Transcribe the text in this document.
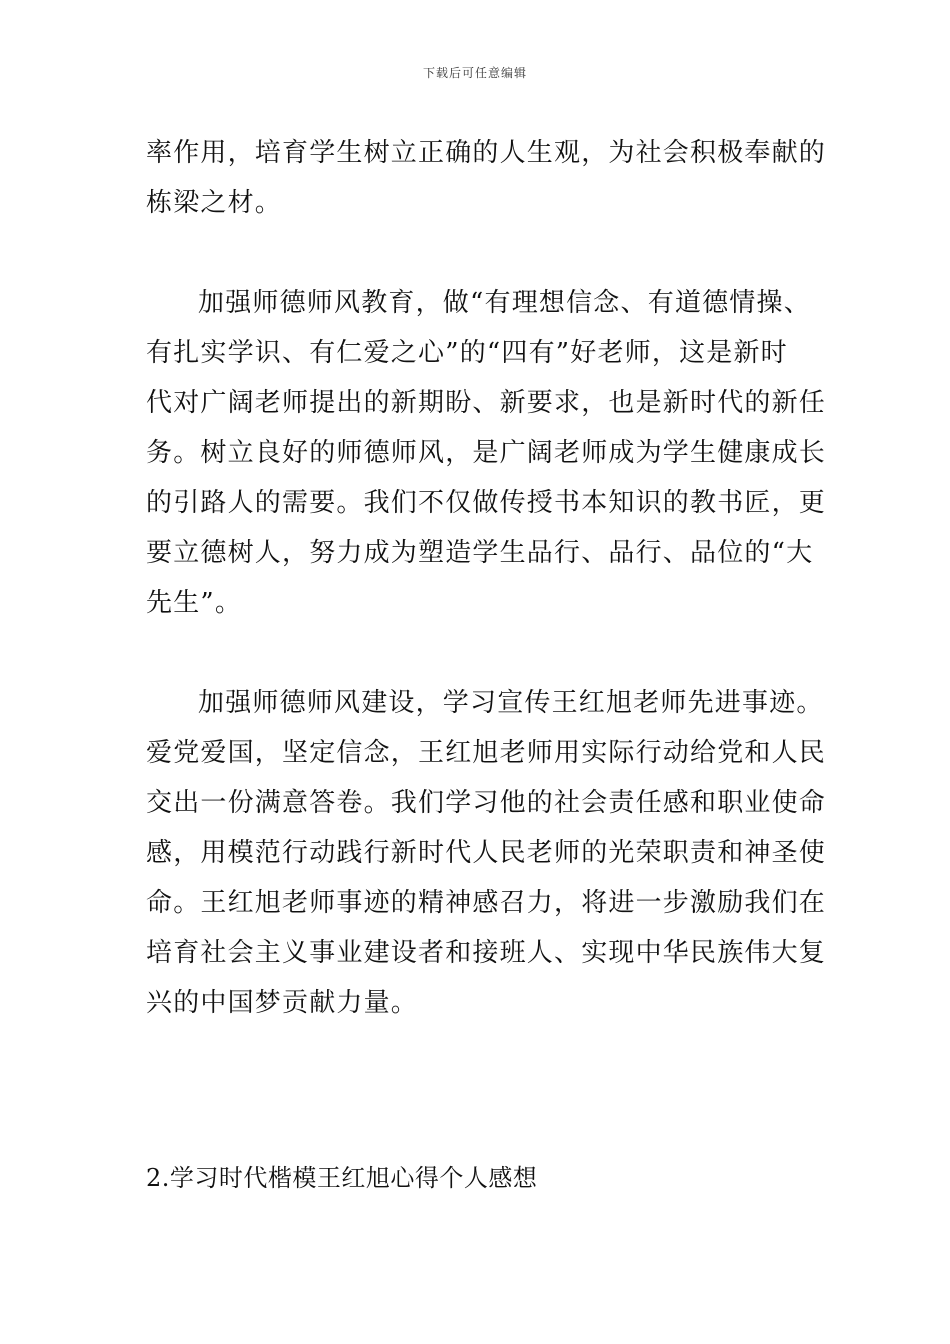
下载后可任意编辑
率作用，培育学生树立正确的人生观，为社会积极奉献的
栋梁之材。
加强师德师风教育，做“有理想信念、有道德情操、
有扎实学识、有仁爱之心”的“四有”好老师，这是新时
代对广阔老师提出的新期盼、新要求，也是新时代的新任
务。树立良好的师德师风，是广阔老师成为学生健康成长
的引路人的需要。我们不仅做传授书本知识的教书匠，更
要立德树人，努力成为塑造学生品行、品行、品位的“大
先生”。
加强师德师风建设，学习宣传王红旭老师先进事迹。
爱党爱国，坚定信念，王红旭老师用实际行动给党和人民
交出一份满意答卷。我们学习他的社会责任感和职业使命
感，用模范行动践行新时代人民老师的光荣职责和神圣使
命。王红旭老师事迹的精神感召力，将进一步激励我们在
培育社会主义事业建设者和接班人、实现中华民族伟大复
兴的中国梦贡献力量。
2.学习时代楷模王红旭心得个人感想
